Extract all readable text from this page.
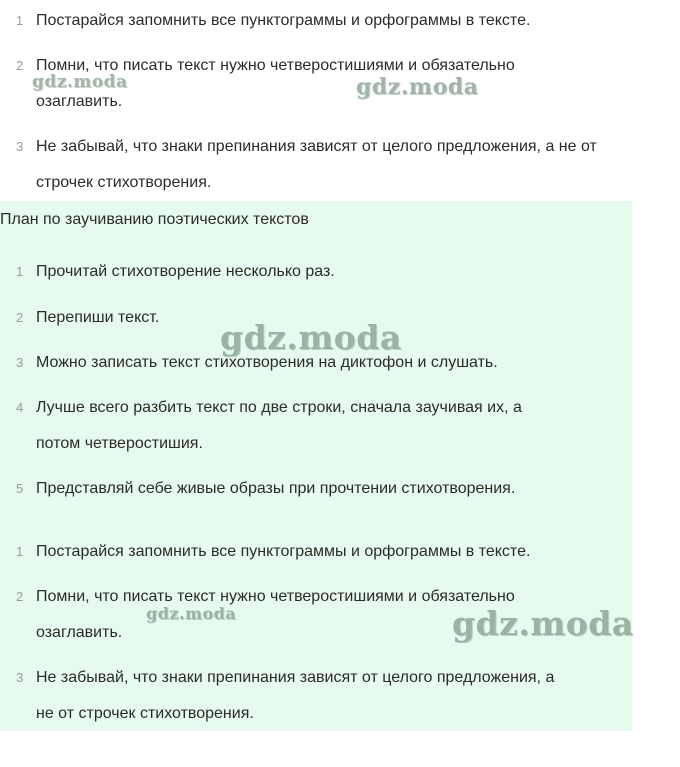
1 Постарайся запомнить все пунктограммы и орфограммы в тексте.
2 Помни, что писать текст нужно четверостишиями и обязательно
озаглавить.
3 Не забывай, что знаки препинания зависят от целого предложения, а не от
строчек стихотворения.
План по заучиванию поэтических текстов
1 Прочитай стихотворение несколько раз.
2 Перепиши текст.
3 Можно записать текст стихотворения на диктофон и слушать.
4 Лучше всего разбить текст по две строки, сначала заучивая их, а
потом четверостишия.
5 Представляй себе живые образы при прочтении стихотворения.
1 Постарайся запомнить все пунктограммы и орфограммы в тексте.
2 Помни, что писать текст нужно четверостишиями и обязательно
озаглавить.
3 Не забывай, что знаки препинания зависят от целого предложения, а
не от строчек стихотворения.
gdz.moda	gdz.moda
gdz.moda
gdz.moda	gdz.moda
